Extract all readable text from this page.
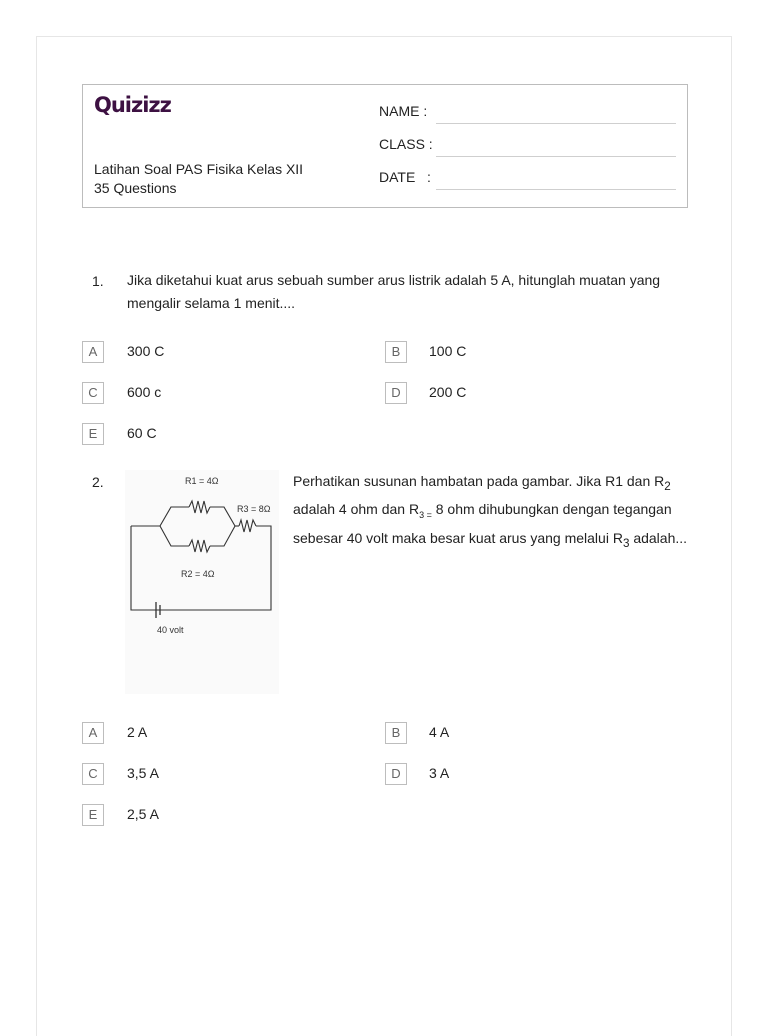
Quizizz
Latihan Soal PAS Fisika Kelas XII
35 Questions
NAME :
CLASS :
DATE   :
1. Jika diketahui kuat arus sebuah sumber arus listrik adalah 5 A, hitunglah muatan yang mengalir selama 1 menit....
A	300 C	B	100 C
C	600 c	D	200 C
E	60 C
2.	R1 = 4Ω
R3 = 8Ω
R2 = 4Ω
40 volt
Perhatikan susunan hambatan pada gambar. Jika R1 dan $R_2$ adalah 4 ohm dan $R_{3 =}$ 8 ohm dihubungkan dengan tegangan sebesar 40 volt maka besar kuat arus yang melalui $R_3$ adalah...
A	2 A	B	4 A
C	3,5 A	D	3 A
E	2,5 A
